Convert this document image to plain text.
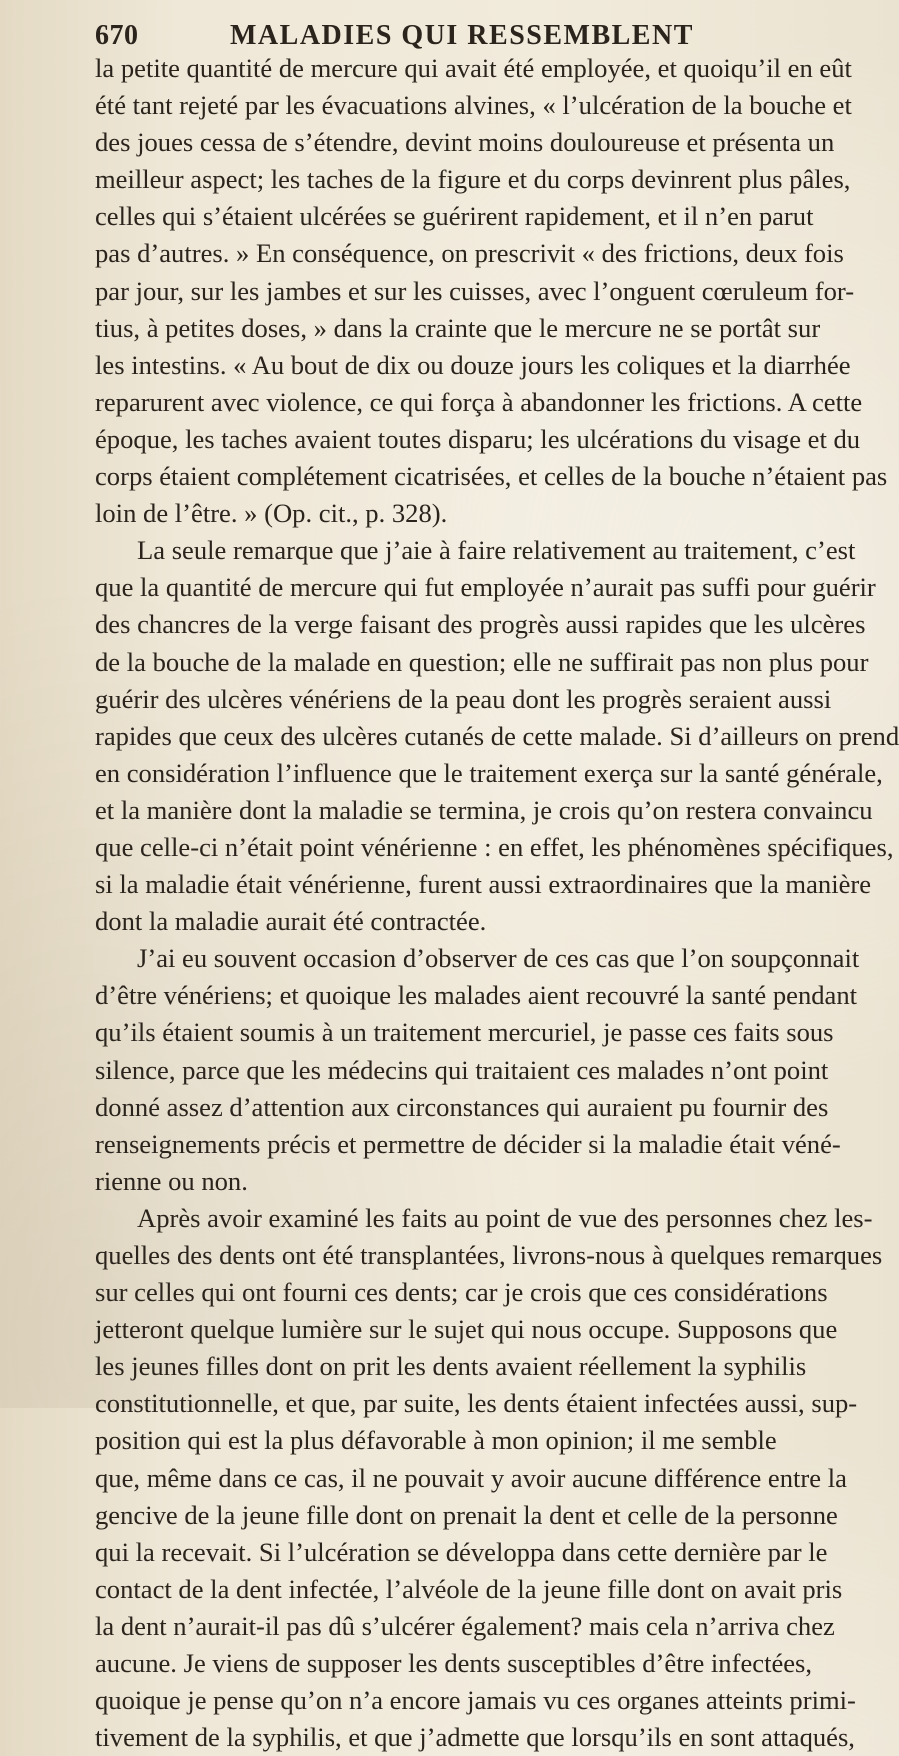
670	MALADIES QUI RESSEMBLENT
la petite quantité de mercure qui avait été employée, et quoiqu’il en eût
été tant rejeté par les évacuations alvines, « l’ulcération de la bouche et
des joues cessa de s’étendre, devint moins douloureuse et présenta un
meilleur aspect; les taches de la figure et du corps devinrent plus pâles,
celles qui s’étaient ulcérées se guérirent rapidement, et il n’en parut
pas d’autres. » En conséquence, on prescrivit « des frictions, deux fois
par jour, sur les jambes et sur les cuisses, avec l’onguent cœruleum for-
tius, à petites doses, » dans la crainte que le mercure ne se portât sur
les intestins. « Au bout de dix ou douze jours les coliques et la diarrhée
reparurent avec violence, ce qui força à abandonner les frictions. A cette
époque, les taches avaient toutes disparu; les ulcérations du visage et du
corps étaient complétement cicatrisées, et celles de la bouche n’étaient pas
loin de l’être. » (Op. cit., p. 328).
La seule remarque que j’aie à faire relativement au traitement, c’est
que la quantité de mercure qui fut employée n’aurait pas suffi pour guérir
des chancres de la verge faisant des progrès aussi rapides que les ulcères
de la bouche de la malade en question; elle ne suffirait pas non plus pour
guérir des ulcères vénériens de la peau dont les progrès seraient aussi
rapides que ceux des ulcères cutanés de cette malade. Si d’ailleurs on prend
en considération l’influence que le traitement exerça sur la santé générale,
et la manière dont la maladie se termina, je crois qu’on restera convaincu
que celle-ci n’était point vénérienne : en effet, les phénomènes spécifiques,
si la maladie était vénérienne, furent aussi extraordinaires que la manière
dont la maladie aurait été contractée.
J’ai eu souvent occasion d’observer de ces cas que l’on soupçonnait
d’être vénériens; et quoique les malades aient recouvré la santé pendant
qu’ils étaient soumis à un traitement mercuriel, je passe ces faits sous
silence, parce que les médecins qui traitaient ces malades n’ont point
donné assez d’attention aux circonstances qui auraient pu fournir des
renseignements précis et permettre de décider si la maladie était véné-
rienne ou non.
Après avoir examiné les faits au point de vue des personnes chez les-
quelles des dents ont été transplantées, livrons-nous à quelques remarques
sur celles qui ont fourni ces dents; car je crois que ces considérations
jetteront quelque lumière sur le sujet qui nous occupe. Supposons que
les jeunes filles dont on prit les dents avaient réellement la syphilis
constitutionnelle, et que, par suite, les dents étaient infectées aussi, sup-
position qui est la plus défavorable à mon opinion; il me semble
que, même dans ce cas, il ne pouvait y avoir aucune différence entre la
gencive de la jeune fille dont on prenait la dent et celle de la personne
qui la recevait. Si l’ulcération se développa dans cette dernière par le
contact de la dent infectée, l’alvéole de la jeune fille dont on avait pris
la dent n’aurait-il pas dû s’ulcérer également? mais cela n’arriva chez
aucune. Je viens de supposer les dents susceptibles d’être infectées,
quoique je pense qu’on n’a encore jamais vu ces organes atteints primi-
tivement de la syphilis, et que j’admette que lorsqu’ils en sont attaqués,
